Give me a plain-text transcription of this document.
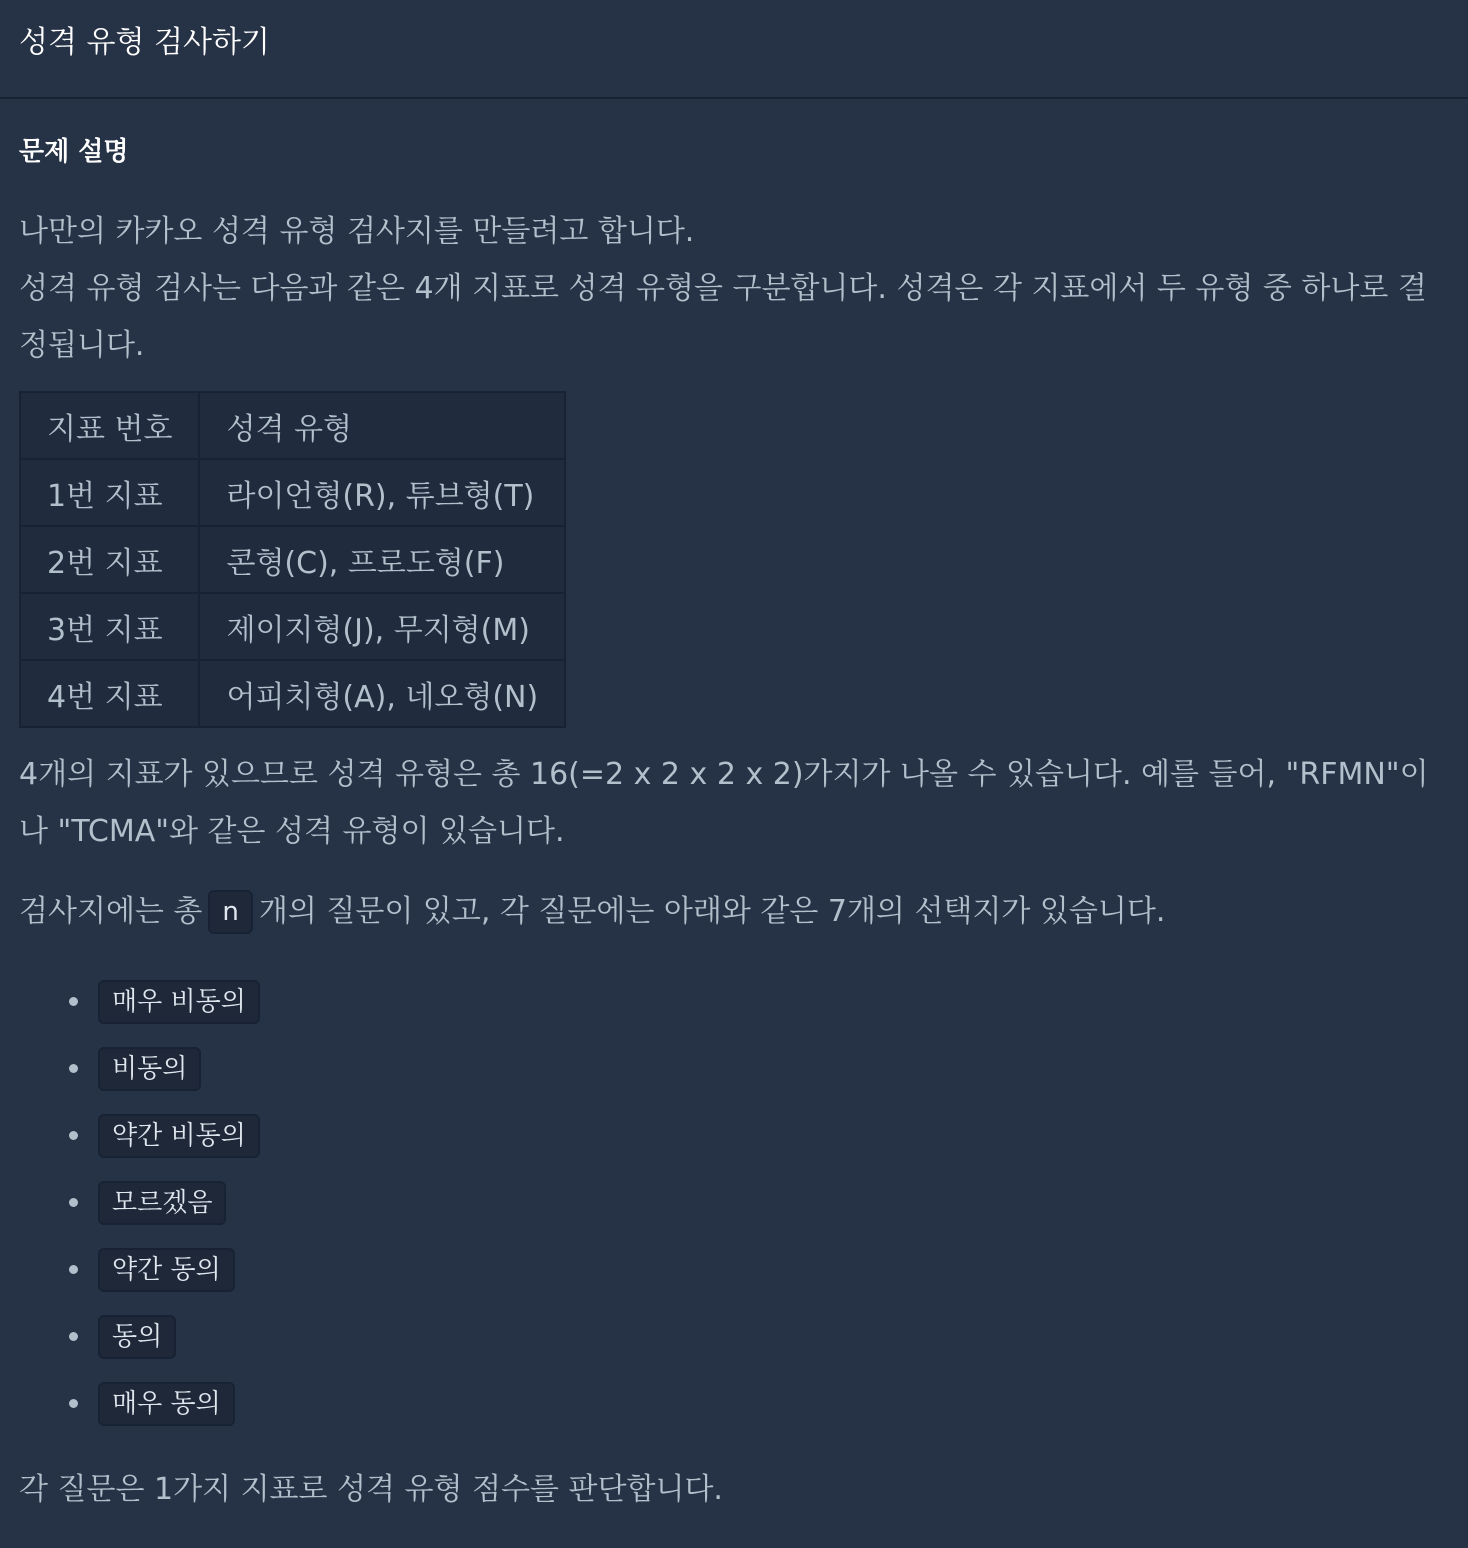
성격 유형 검사하기
문제 설명

나만의 카카오 성격 유형 검사지를 만들려고 합니다.
성격 유형 검사는 다음과 같은 4개 지표로 성격 유형을 구분합니다. 성격은 각 지표에서 두 유형 중 하나로 결정됩니다.

지표 번호	성격 유형
1번 지표	라이언형(R), 튜브형(T)
2번 지표	콘형(C), 프로도형(F)
3번 지표	제이지형(J), 무지형(M)
4번 지표	어피치형(A), 네오형(N)

4개의 지표가 있으므로 성격 유형은 총 16(=2 x 2 x 2 x 2)가지가 나올 수 있습니다. 예를 들어, "RFMN"이나 "TCMA"와 같은 성격 유형이 있습니다.

검사지에는 총 n 개의 질문이 있고, 각 질문에는 아래와 같은 7개의 선택지가 있습니다.

매우 비동의
비동의
약간 비동의
모르겠음
약간 동의
동의
매우 동의

각 질문은 1가지 지표로 성격 유형 점수를 판단합니다.
